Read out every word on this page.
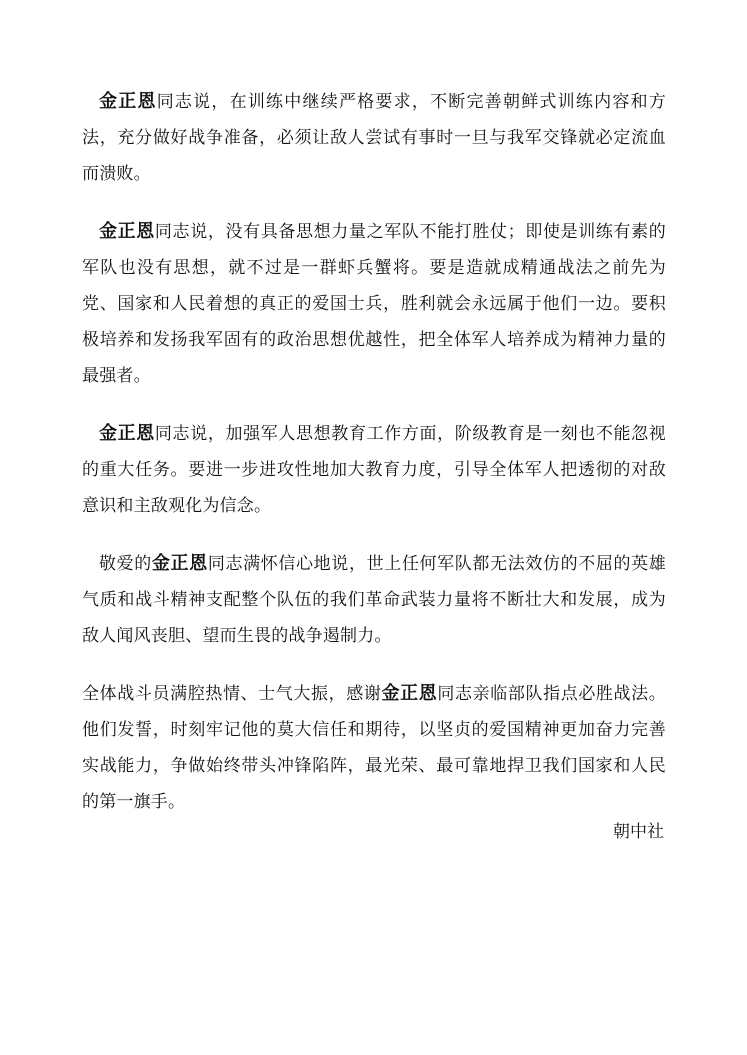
金正恩同志说，在训练中继续严格要求，不断完善朝鲜式训练内容和方法，充分做好战争准备，必须让敌人尝试有事时一旦与我军交锋就必定流血而溃败。

金正恩同志说，没有具备思想力量之军队不能打胜仗；即使是训练有素的军队也没有思想，就不过是一群虾兵蟹将。要是造就成精通战法之前先为党、国家和人民着想的真正的爱国士兵，胜利就会永远属于他们一边。要积极培养和发扬我军固有的政治思想优越性，把全体军人培养成为精神力量的最强者。

金正恩同志说，加强军人思想教育工作方面，阶级教育是一刻也不能忽视的重大任务。要进一步进攻性地加大教育力度，引导全体军人把透彻的对敌意识和主敌观化为信念。

敬爱的金正恩同志满怀信心地说，世上任何军队都无法效仿的不屈的英雄气质和战斗精神支配整个队伍的我们革命武装力量将不断壮大和发展，成为敌人闻风丧胆、望而生畏的战争遏制力。

全体战斗员满腔热情、士气大振，感谢金正恩同志亲临部队指点必胜战法。他们发誓，时刻牢记他的莫大信任和期待，以坚贞的爱国精神更加奋力完善实战能力，争做始终带头冲锋陷阵，最光荣、最可靠地捍卫我们国家和人民的第一旗手。

朝中社
